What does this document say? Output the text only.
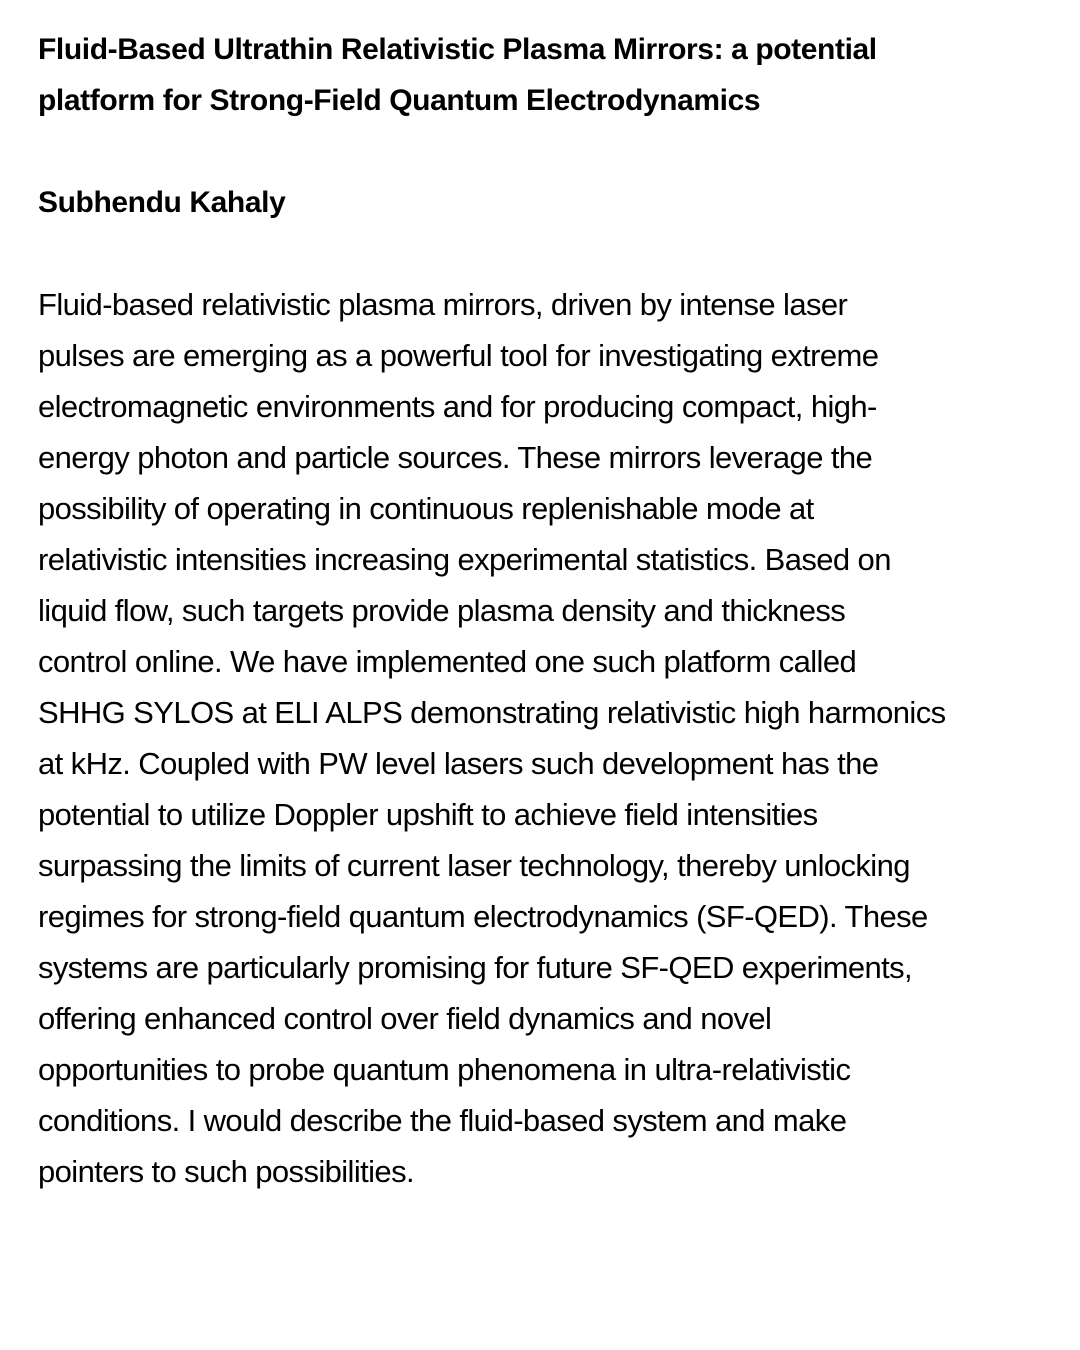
Fluid-Based Ultrathin Relativistic Plasma Mirrors: a potential
platform for Strong-Field Quantum Electrodynamics

Subhendu Kahaly

Fluid-based relativistic plasma mirrors, driven by intense laser
pulses are emerging as a powerful tool for investigating extreme
electromagnetic environments and for producing compact, high-
energy photon and particle sources. These mirrors leverage the
possibility of operating in continuous replenishable mode at
relativistic intensities increasing experimental statistics. Based on
liquid flow, such targets provide plasma density and thickness
control online. We have implemented one such platform called
SHHG SYLOS at ELI ALPS demonstrating relativistic high harmonics
at kHz. Coupled with PW level lasers such development has the
potential to utilize Doppler upshift to achieve field intensities
surpassing the limits of current laser technology, thereby unlocking
regimes for strong-field quantum electrodynamics (SF-QED). These
systems are particularly promising for future SF-QED experiments,
offering enhanced control over field dynamics and novel
opportunities to probe quantum phenomena in ultra-relativistic
conditions. I would describe the fluid-based system and make
pointers to such possibilities.
